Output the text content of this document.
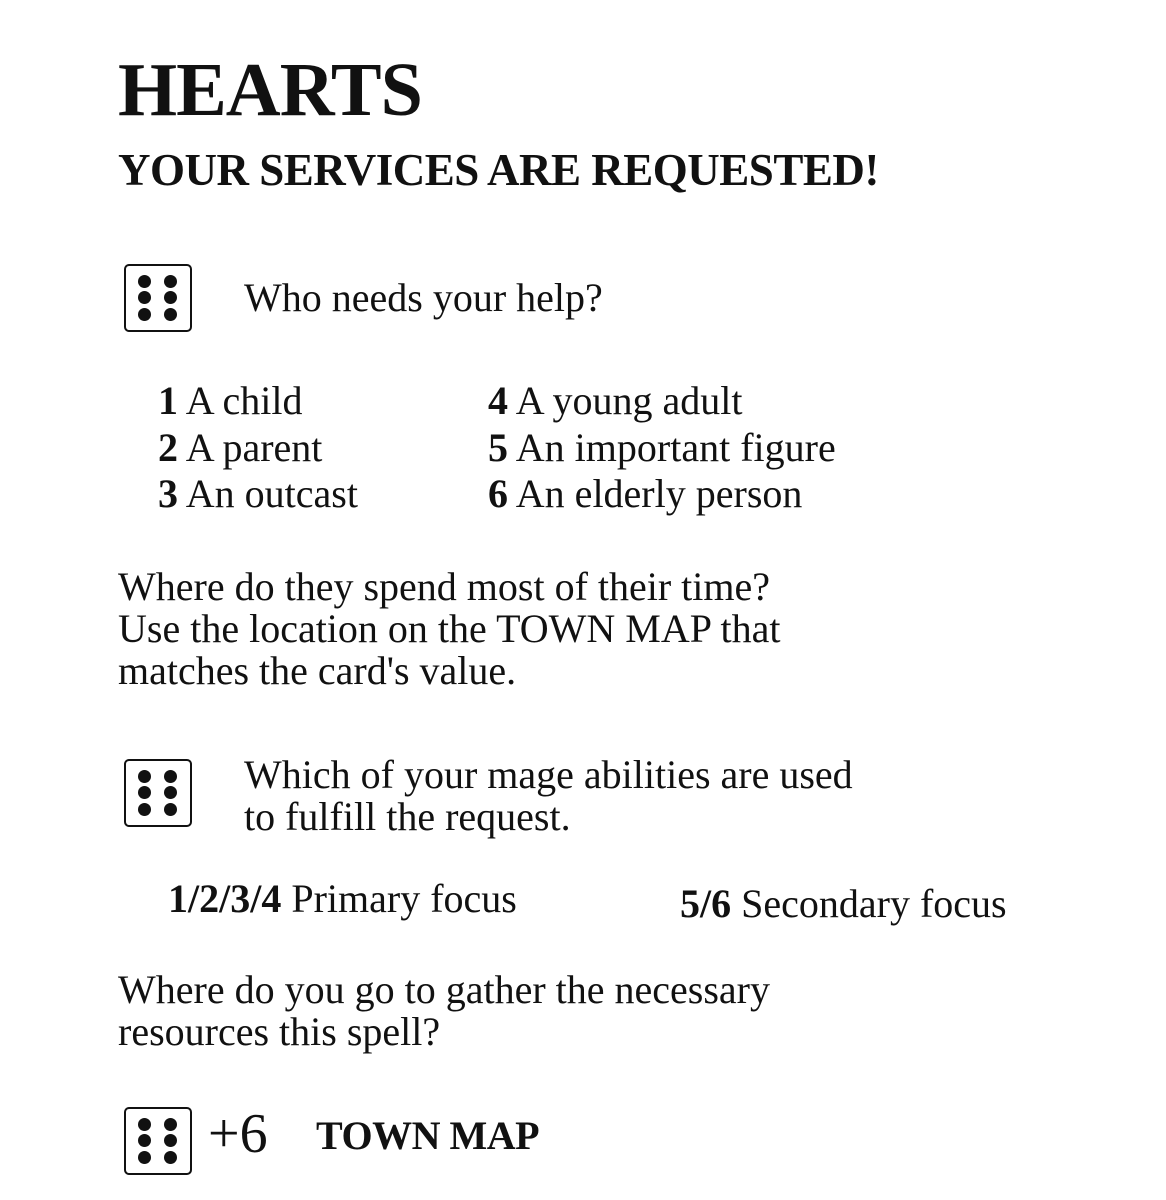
HEARTS
YOUR SERVICES ARE REQUESTED!
Who needs your help?
1 A child
2 A parent
3 An outcast
4 A young adult
5 An important figure
6 An elderly person
Where do they spend most of their time?
Use the location on the TOWN MAP that
matches the card's value.
Which of your mage abilities are used
to fulfill the request.
1/2/3/4 Primary focus	5/6 Secondary focus
Where do you go to gather the necessary
resources this spell?
+6 TOWN MAP
